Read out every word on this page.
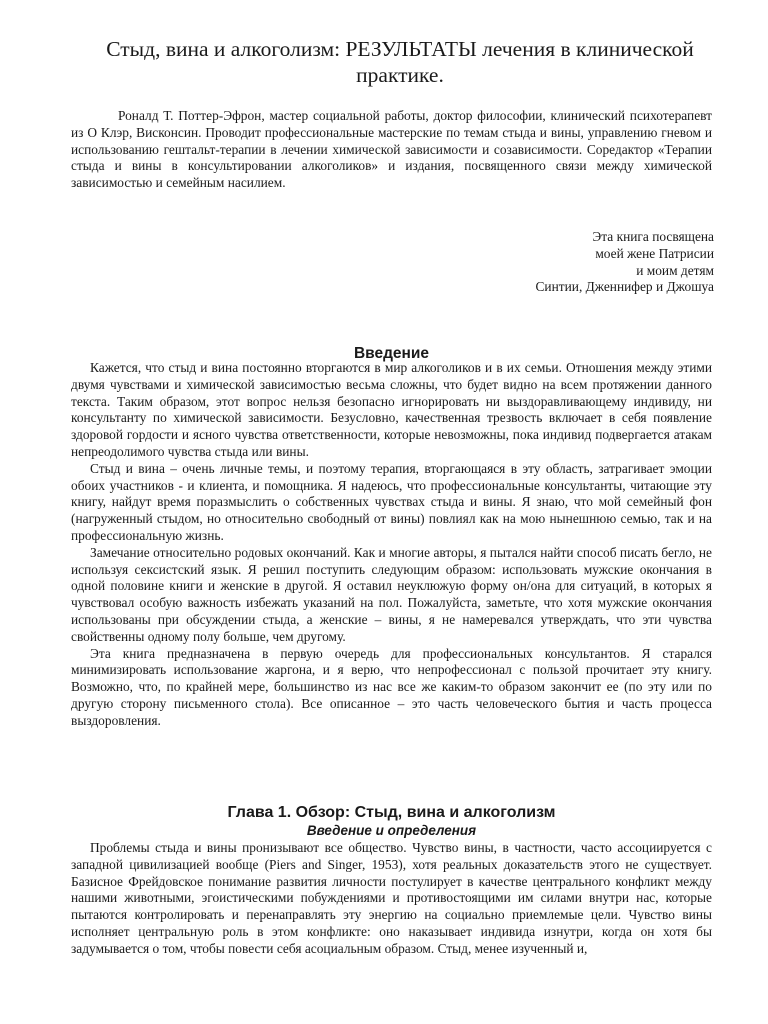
Стыд, вина и алкоголизм: РЕЗУЛЬТАТЫ лечения в клинической практике.

Роналд Т. Поттер-Эфрон, мастер социальной работы, доктор философии, клинический психотерапевт из О Клэр, Висконсин. Проводит профессиональные мастерские по темам стыда и вины, управлению гневом и использованию гештальт-терапии в лечении химической зависимости и созависимости. Соредактор «Терапии стыда и вины в консультировании алкоголиков» и издания, посвященного связи между химической зависимостью и семейным насилием.

Эта книга посвящена
моей жене Патрисии
и моим детям
Синтии, Дженнифер и Джошуа
Введение

Кажется, что стыд и вина постоянно вторгаются в мир алкоголиков и в их семьи. Отношения между этими двумя чувствами и химической зависимостью весьма сложны, что будет видно на всем протяжении данного текста. Таким образом, этот вопрос нельзя безопасно игнорировать ни выздоравливающему индивиду, ни консультанту по химической зависимости. Безусловно, качественная трезвость включает в себя появление здоровой гордости и ясного чувства ответственности, которые невозможны, пока индивид подвергается атакам непреодолимого чувства стыда или вины.

Стыд и вина – очень личные темы, и поэтому терапия, вторгающаяся в эту область, затрагивает эмоции обоих участников - и клиента, и помощника. Я надеюсь, что профессиональные консультанты, читающие эту книгу, найдут время поразмыслить о собственных чувствах стыда и вины. Я знаю, что мой семейный фон (нагруженный стыдом, но относительно свободный от вины) повлиял как на мою нынешнюю семью, так и на профессиональную жизнь.

Замечание относительно родовых окончаний. Как и многие авторы, я пытался найти способ писать бегло, не используя сексистский язык. Я решил поступить следующим образом: использовать мужские окончания в одной половине книги и женские в другой. Я оставил неуклюжую форму он/она для ситуаций, в которых я чувствовал особую важность избежать указаний на пол. Пожалуйста, заметьте, что хотя мужские окончания использованы при обсуждении стыда, а женские – вины, я не намеревался утверждать, что эти чувства свойственны одному полу больше, чем другому.

Эта книга предназначена в первую очередь для профессиональных консультантов. Я старался минимизировать использование жаргона, и я верю, что непрофессионал с пользой прочитает эту книгу. Возможно, что, по крайней мере, большинство из нас все же каким-то образом закончит ее (по эту или по другую сторону письменного стола). Все описанное – это часть человеческого бытия и часть процесса выздоровления.

Глава 1. Обзор: Стыд, вина и алкоголизм
Введение и определения

Проблемы стыда и вины пронизывают все общество. Чувство вины, в частности, часто ассоциируется с западной цивилизацией вообще (Piers and Singer, 1953), хотя реальных доказательств этого не существует. Базисное Фрейдовское понимание развития личности постулирует в качестве центрального конфликт между нашими животными, эгоистическими побуждениями и противостоящими им силами внутри нас, которые пытаются контролировать и перенаправлять эту энергию на социально приемлемые цели. Чувство вины исполняет центральную роль в этом конфликте: оно наказывает индивида изнутри, когда он хотя бы задумывается о том, чтобы повести себя асоциальным образом. Стыд, менее изученный и,
